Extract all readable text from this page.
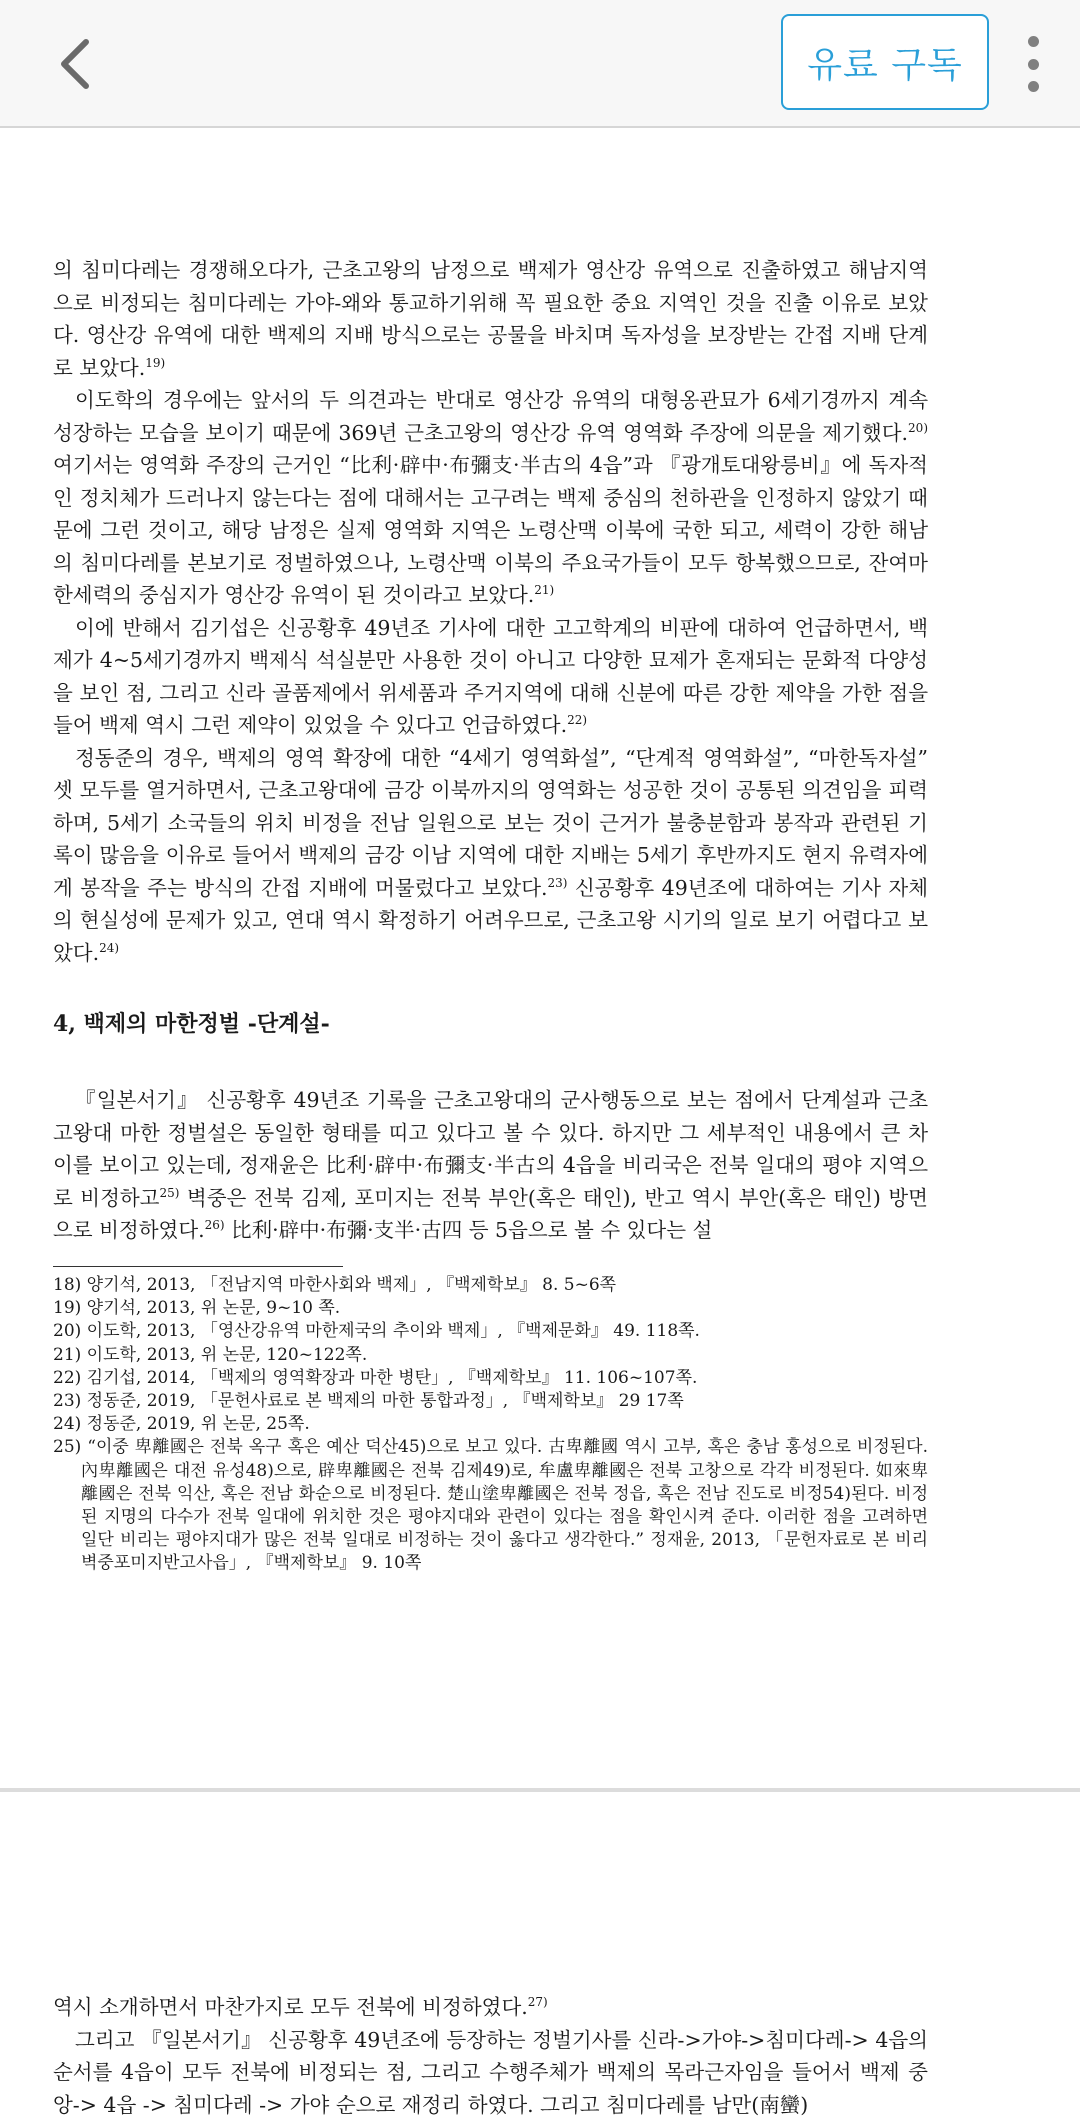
유료 구독

의 침미다레는 경쟁해오다가, 근초고왕의 남정으로 백제가 영산강 유역으로 진출하였고 해남지역으로 비정되는 침미다레는 가야-왜와 통교하기위해 꼭 필요한 중요 지역인 것을 진출 이유로 보았다. 영산강 유역에 대한 백제의 지배 방식으로는 공물을 바치며 독자성을 보장받는 간접 지배 단계로 보았다.$^{19)}$

이도학의 경우에는 앞서의 두 의견과는 반대로 영산강 유역의 대형옹관묘가 6세기경까지 계속 성장하는 모습을 보이기 때문에 369년 근초고왕의 영산강 유역 영역화 주장에 의문을 제기했다.$^{20)}$ 여기서는 영역화 주장의 근거인 “比利·辟中·布彌支·半古의 4읍”과 『광개토대왕릉비』에 독자적인 정치체가 드러나지 않는다는 점에 대해서는 고구려는 백제 중심의 천하관을 인정하지 않았기 때문에 그런 것이고, 해당 남정은 실제 영역화 지역은 노령산맥 이북에 국한 되고, 세력이 강한 해남의 침미다레를 본보기로 정벌하였으나, 노령산맥 이북의 주요국가들이 모두 항복했으므로, 잔여마한세력의 중심지가 영산강 유역이 된 것이라고 보았다.$^{21)}$

이에 반해서 김기섭은 신공황후 49년조 기사에 대한 고고학계의 비판에 대하여 언급하면서, 백제가 4~5세기경까지 백제식 석실분만 사용한 것이 아니고 다양한 묘제가 혼재되는 문화적 다양성을 보인 점, 그리고 신라 골품제에서 위세품과 주거지역에 대해 신분에 따른 강한 제약을 가한 점을 들어 백제 역시 그런 제약이 있었을 수 있다고 언급하였다.$^{22)}$

정동준의 경우, 백제의 영역 확장에 대한 “4세기 영역화설”, “단계적 영역화설”, “마한독자설” 셋 모두를 열거하면서, 근초고왕대에 금강 이북까지의 영역화는 성공한 것이 공통된 의견임을 피력하며, 5세기 소국들의 위치 비정을 전남 일원으로 보는 것이 근거가 불충분함과 봉작과 관련된 기록이 많음을 이유로 들어서 백제의 금강 이남 지역에 대한 지배는 5세기 후반까지도 현지 유력자에게 봉작을 주는 방식의 간접 지배에 머물렀다고 보았다.$^{23)}$ 신공황후 49년조에 대하여는 기사 자체의 현실성에 문제가 있고, 연대 역시 확정하기 어려우므로, 근초고왕 시기의 일로 보기 어렵다고 보았다.$^{24)}$

4, 백제의 마한정벌 -단계설-

『일본서기』 신공황후 49년조 기록을 근초고왕대의 군사행동으로 보는 점에서 단계설과 근초고왕대 마한 정벌설은 동일한 형태를 띠고 있다고 볼 수 있다. 하지만 그 세부적인 내용에서 큰 차이를 보이고 있는데, 정재윤은 比利·辟中·布彌支·半古의 4읍을 비리국은 전북 일대의 평야 지역으로 비정하고$^{25)}$ 벽중은 전북 김제, 포미지는 전북 부안(혹은 태인), 반고 역시 부안(혹은 태인) 방면으로 비정하였다.$^{26)}$ 比利·辟中·布彌·支半·古四 등 5읍으로 볼 수 있다는 설

18) 양기석, 2013, 「전남지역 마한사회와 백제」, 『백제학보』 8. 5~6쪽
19) 양기석, 2013, 위 논문, 9~10 쪽.
20) 이도학, 2013, 「영산강유역 마한제국의 추이와 백제」, 『백제문화』 49. 118쪽.
21) 이도학, 2013, 위 논문, 120~122쪽.
22) 김기섭, 2014, 「백제의 영역확장과 마한 병탄」, 『백제학보』 11. 106~107쪽.
23) 정동준, 2019, 「문헌사료로 본 백제의 마한 통합과정」, 『백제학보』 29 17쪽
24) 정동준, 2019, 위 논문, 25쪽.
25) “이중 卑離國은 전북 옥구 혹은 예산 덕산45)으로 보고 있다. 古卑離國 역시 고부, 혹은 충남 홍성으로 비정된다. 內卑離國은 대전 유성48)으로, 辟卑離國은 전북 김제49)로, 牟盧卑離國은 전북 고창으로 각각 비정된다. 如來卑離國은 전북 익산, 혹은 전남 화순으로 비정된다. 楚山塗卑離國은 전북 정읍, 혹은 전남 진도로 비정54)된다. 비정된 지명의 다수가 전북 일대에 위치한 것은 평야지대와 관련이 있다는 점을 확인시켜 준다. 이러한 점을 고려하면 일단 비리는 평야지대가 많은 전북 일대로 비정하는 것이 옳다고 생각한다.” 정재윤, 2013, 「문헌자료로 본 비리벽중포미지반고사읍」, 『백제학보』 9. 10쪽

역시 소개하면서 마찬가지로 모두 전북에 비정하였다.$^{27)}$

그리고 『일본서기』 신공황후 49년조에 등장하는 정벌기사를 신라->가야->침미다레-> 4읍의 순서를 4읍이 모두 전북에 비정되는 점, 그리고 수행주체가 백제의 목라근자임을 들어서 백제 중앙-> 4읍 -> 침미다레 -> 가야 순으로 재정리 하였다. 그리고 침미다레를 남만(南蠻)
